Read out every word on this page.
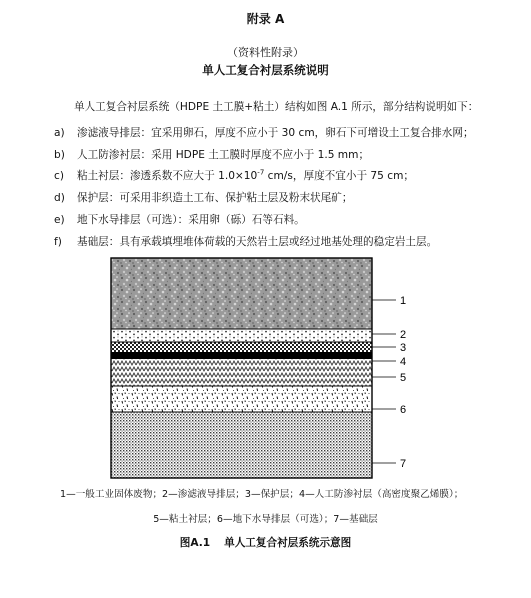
附录 A
（资料性附录）
单人工复合衬层系统说明
单人工复合衬层系统（HDPE 土工膜+粘土）结构如图 A.1 所示，部分结构说明如下：
a) 渗滤液导排层：宜采用卵石，厚度不应小于 30 cm，卵石下可增设土工复合排水网；
b) 人工防渗衬层：采用 HDPE 土工膜时厚度不应小于 1.5 mm；
c) 粘土衬层：渗透系数不应大于 $1.0\times 10^{-7}$ cm/s，厚度不宜小于 75 cm；
d) 保护层：可采用非织造土工布、保护粘土层及粉末状尾矿；
e) 地下水导排层（可选）：采用卵（砾）石等石料。
f) 基础层：具有承载填埋堆体荷载的天然岩土层或经过地基处理的稳定岩土层。
1
2
3
4
5
6
7
1—一般工业固体废物；2—渗滤液导排层；3—保护层；4—人工防渗衬层（高密度聚乙烯膜）；
5—粘土衬层；6—地下水导排层（可选）；7—基础层
图A.1 单人工复合衬层系统示意图
